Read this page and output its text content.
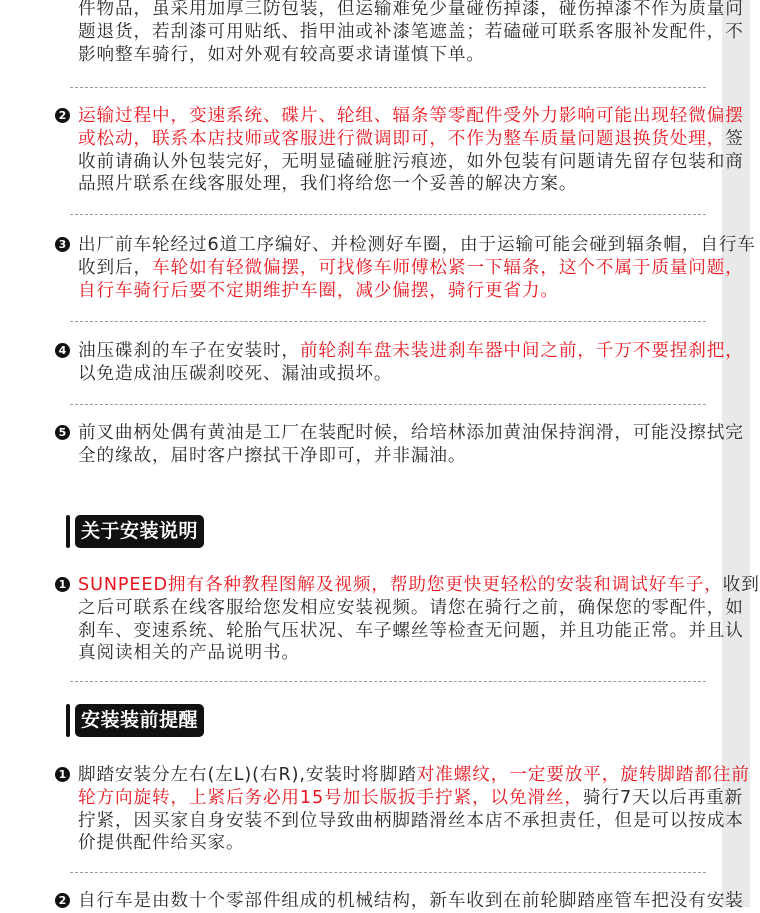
件物品，虽采用加厚三防包装，但运输难免少量碰伤掉漆，碰伤掉漆不作为质量问
题退货，若刮漆可用贴纸、指甲油或补漆笔遮盖；若磕碰可联系客服补发配件，不
影响整车骑行，如对外观有较高要求请谨慎下单。
2 运输过程中，变速系统、碟片、轮组、辐条等零配件受外力影响可能出现轻微偏摆
或松动，联系本店技师或客服进行微调即可，不作为整车质量问题退换货处理，签
收前请确认外包装完好，无明显磕碰脏污痕迹，如外包装有问题请先留存包装和商
品照片联系在线客服处理，我们将给您一个妥善的解决方案。
3 出厂前车轮经过6道工序编好、并检测好车圈，由于运输可能会碰到辐条帽，自行车
收到后，车轮如有轻微偏摆，可找修车师傅松紧一下辐条，这个不属于质量问题，
自行车骑行后要不定期维护车圈，减少偏摆，骑行更省力。
4 油压碟刹的车子在安装时，前轮刹车盘未装进刹车器中间之前，千万不要捏刹把，
以免造成油压碳刹咬死、漏油或损坏。
5 前叉曲柄处偶有黄油是工厂在装配时候，给培林添加黄油保持润滑，可能没擦拭完
全的缘故，届时客户擦拭干净即可，并非漏油。
关于安装说明
1 SUNPEED拥有各种教程图解及视频，帮助您更快更轻松的安装和调试好车子，收到
之后可联系在线客服给您发相应安装视频。请您在骑行之前，确保您的零配件，如
刹车、变速系统、轮胎气压状况、车子螺丝等检查无问题，并且功能正常。并且认
真阅读相关的产品说明书。
安装装前提醒
1 脚踏安装分左右(左L)(右R),安装时将脚踏对准螺纹，一定要放平，旋转脚踏都往前
轮方向旋转，上紧后务必用15号加长版扳手拧紧，以免滑丝，骑行7天以后再重新
拧紧，因买家自身安装不到位导致曲柄脚踏滑丝本店不承担责任，但是可以按成本
价提供配件给买家。
2 自行车是由数十个零部件组成的机械结构，新车收到在前轮脚踏座管车把没有安装
